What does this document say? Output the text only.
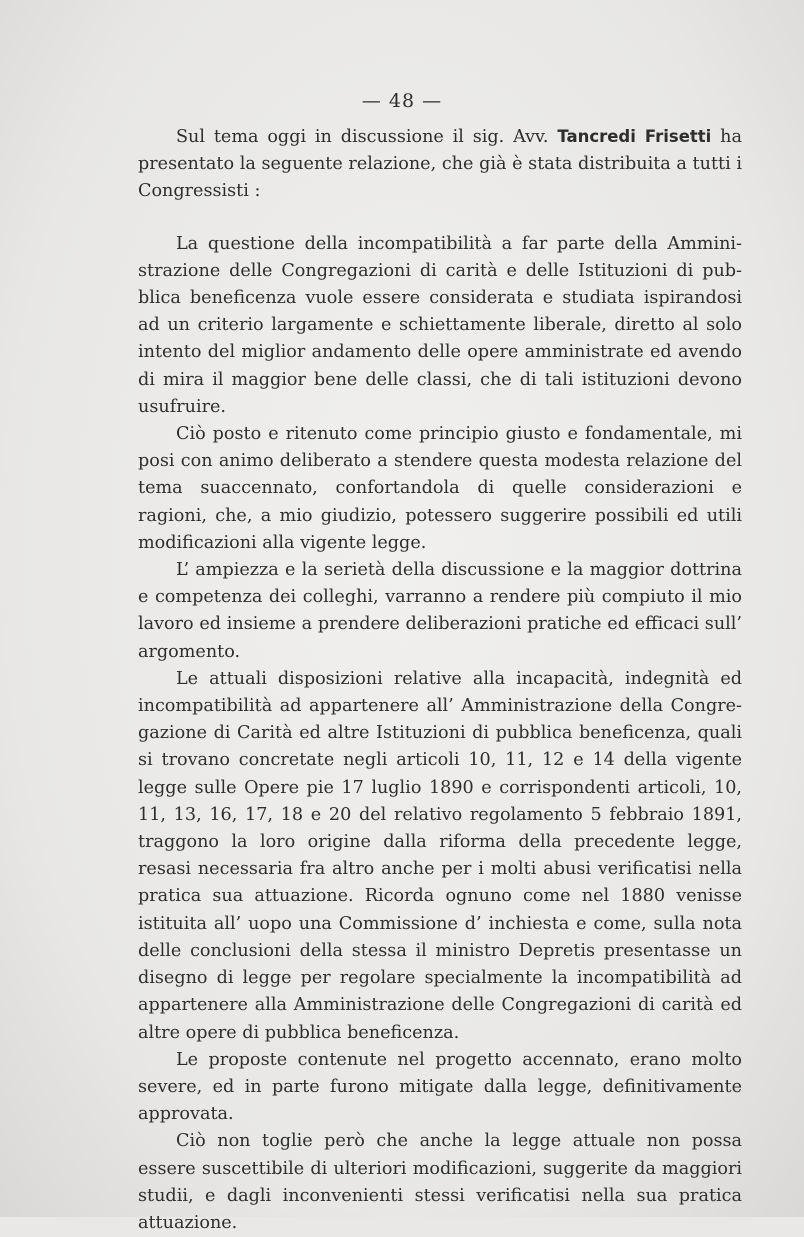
— 48 —

Sul tema oggi in discussione il sig. Avv. Tancredi Frisetti ha presentato la seguente relazione, che già è stata distribuita a tutti i Congressisti :

La questione della incompatibilità a far parte della Amministrazione delle Congregazioni di carità e delle Istituzioni di pubblica beneficenza vuole essere considerata e studiata ispirandosi ad un criterio largamente e schiettamente liberale, diretto al solo intento del miglior andamento delle opere amministrate ed avendo di mira il maggior bene delle classi, che di tali istituzioni devono usufruire.

Ciò posto e ritenuto come principio giusto e fondamentale, mi posi con animo deliberato a stendere questa modesta relazione del tema suaccennato, confortandola di quelle considerazioni e ragioni, che, a mio giudizio, potessero suggerire possibili ed utili modificazioni alla vigente legge.

L’ ampiezza e la serietà della discussione e la maggior dottrina e competenza dei colleghi, varranno a rendere più compiuto il mio lavoro ed insieme a prendere deliberazioni pratiche ed efficaci sull’ argomento.

Le attuali disposizioni relative alla incapacità, indegnità ed incompatibilità ad appartenere all’ Amministrazione della Congregazione di Carità ed altre Istituzioni di pubblica beneficenza, quali si trovano concretate negli articoli 10, 11, 12 e 14 della vigente legge sulle Opere pie 17 luglio 1890 e corrispondenti articoli, 10, 11, 13, 16, 17, 18 e 20 del relativo regolamento 5 febbraio 1891, traggono la loro origine dalla riforma della precedente legge, resasi necessaria fra altro anche per i molti abusi verificatisi nella pratica sua attuazione. Ricorda ognuno come nel 1880 venisse istituita all’ uopo una Commissione d’ inchiesta e come, sulla nota delle conclusioni della stessa il ministro Depretis presentasse un disegno di legge per regolare specialmente la incompatibilità ad appartenere alla Amministrazione delle Congregazioni di carità ed altre opere di pubblica beneficenza.

Le proposte contenute nel progetto accennato, erano molto severe, ed in parte furono mitigate dalla legge, definitivamente approvata.

Ciò non toglie però che anche la legge attuale non possa essere suscettibile di ulteriori modificazioni, suggerite da maggiori studii, e dagli inconvenienti stessi verificatisi nella sua pratica attuazione.
